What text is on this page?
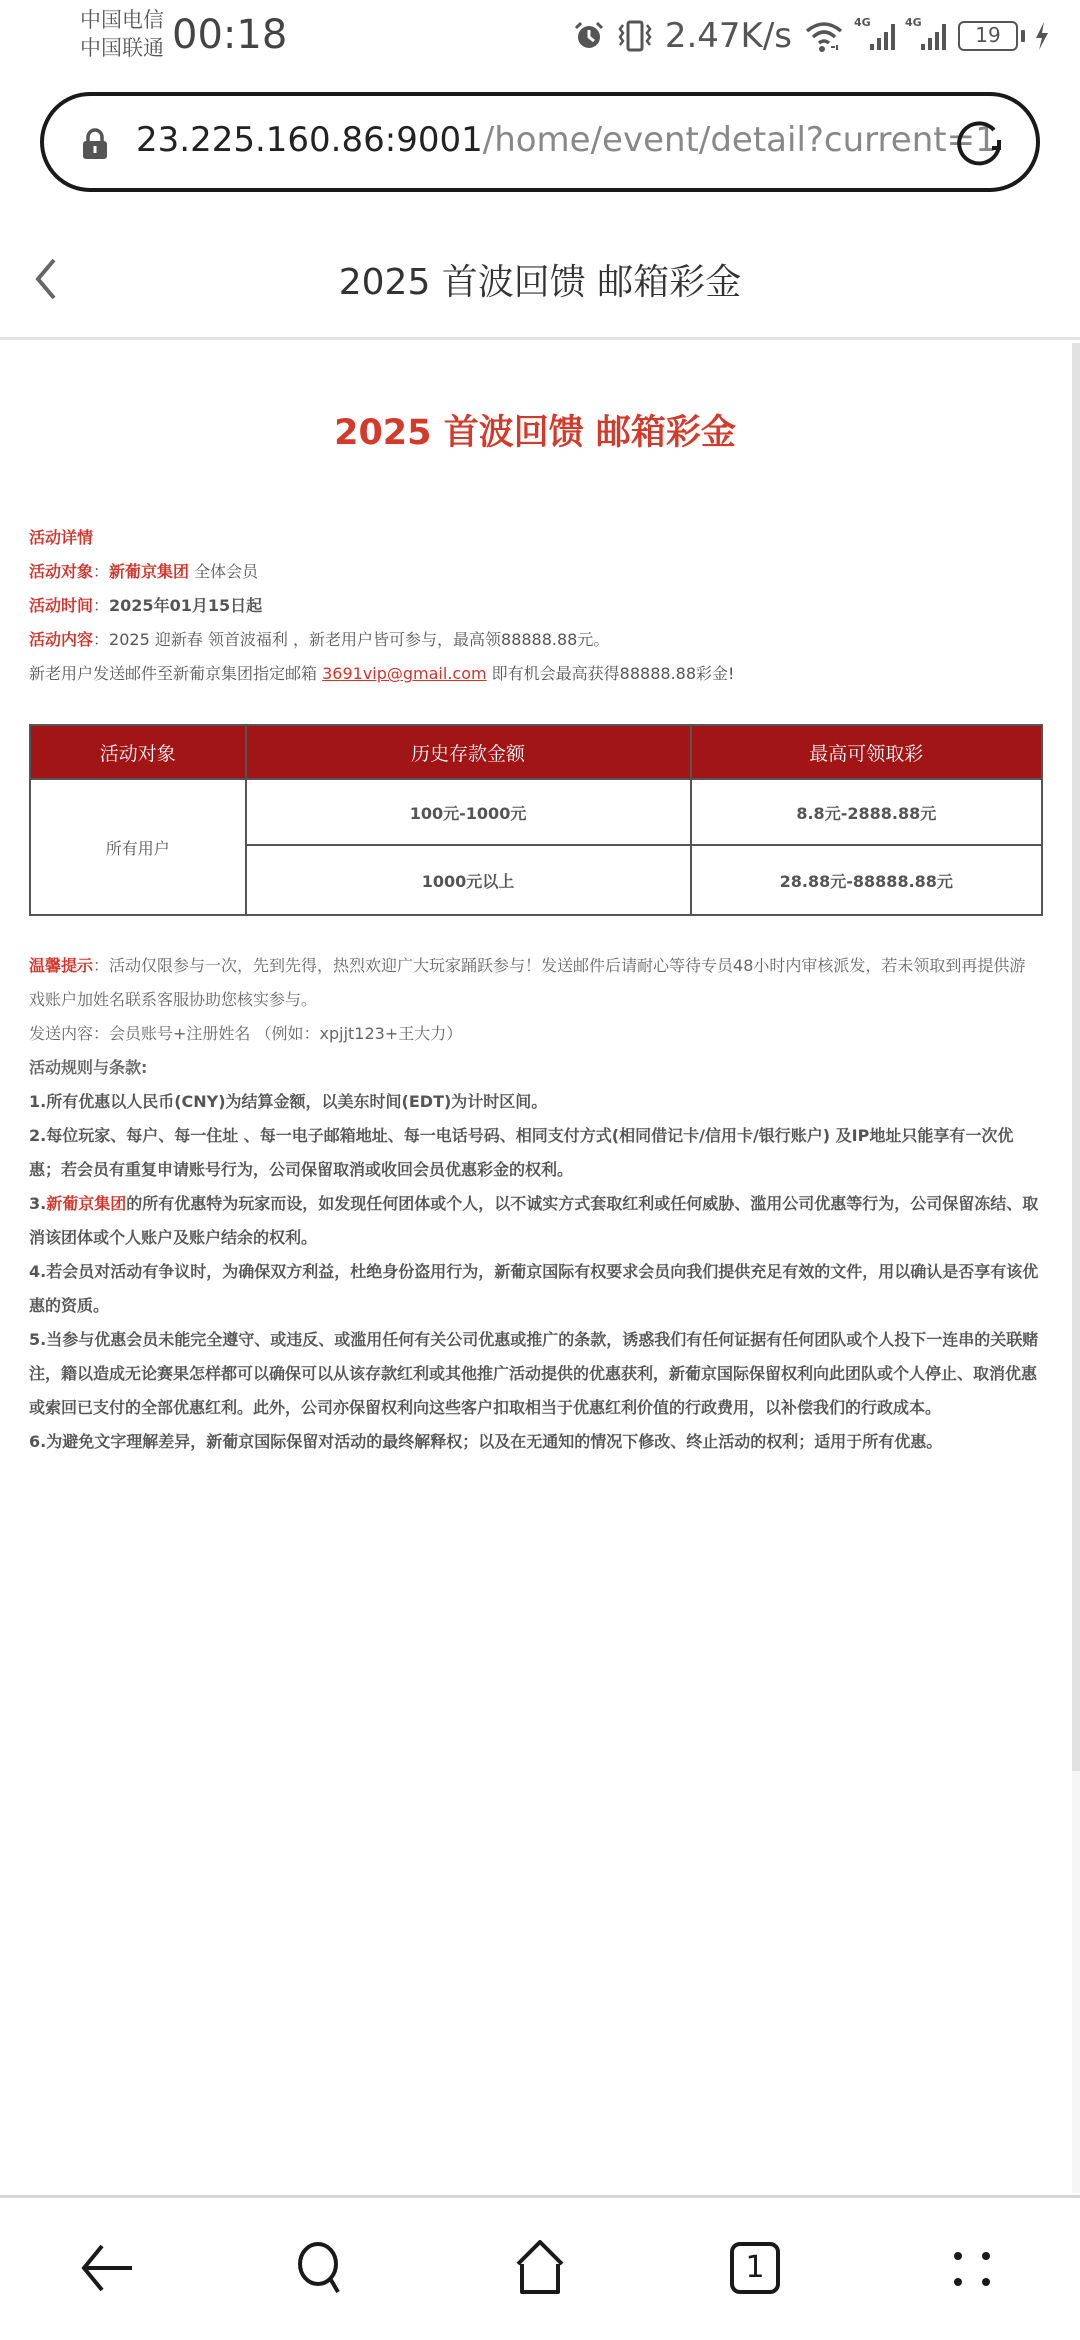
中国电信
中国联通 00:18	2.47K/s	4G	4G
19
23.225.160.86:9001/home/event/detail?current=1
2025 首波回馈 邮箱彩金
2025 首波回馈 邮箱彩金
活动详情
活动对象：新葡京集团 全体会员
活动时间：2025年01月15日起
活动内容：2025 迎新春 领首波福利 ，新老用户皆可参与，最高领88888.88元。
新老用户发送邮件至新葡京集团指定邮箱 3691vip@gmail.com 即有机会最高获得88888.88彩金!
活动对象	历史存款金额	最高可领取彩
所有用户	100元-1000元	8.8元-2888.88元
	1000元以上	28.88元-88888.88元
温馨提示：活动仅限参与一次，先到先得，热烈欢迎广大玩家踊跃参与！发送邮件后请耐心等待专员48小时内审核派发，若未领取到再提供游戏账户加姓名联系客服协助您核实参与。
发送内容：会员账号+注册姓名 （例如：xpjjt123+王大力）
活动规则与条款:

1.所有优惠以人民币(CNY)为结算金额，以美东时间(EDT)为计时区间。

2.每位玩家、每户、每一住址 、每一电子邮箱地址、每一电话号码、相同支付方式(相同借记卡/信用卡/银行账户) 及IP地址只能享有一次优惠；若会员有重复申请账号行为，公司保留取消或收回会员优惠彩金的权利。

3.新葡京集团的所有优惠特为玩家而设，如发现任何团体或个人，以不诚实方式套取红利或任何威胁、滥用公司优惠等行为，公司保留冻结、取消该团体或个人账户及账户结余的权利。

4.若会员对活动有争议时，为确保双方利益，杜绝身份盗用行为，新葡京国际有权要求会员向我们提供充足有效的文件，用以确认是否享有该优惠的资质。

5.当参与优惠会员未能完全遵守、或违反、或滥用任何有关公司优惠或推广的条款，诱惑我们有任何证据有任何团队或个人投下一连串的关联赌注，籍以造成无论赛果怎样都可以确保可以从该存款红利或其他推广活动提供的优惠获利，新葡京国际保留权利向此团队或个人停止、取消优惠或索回已支付的全部优惠红利。此外，公司亦保留权利向这些客户扣取相当于优惠红利价值的行政费用，以补偿我们的行政成本。

6.为避免文字理解差异，新葡京国际保留对活动的最终解释权；以及在无通知的情况下修改、终止活动的权利；适用于所有优惠。

1
